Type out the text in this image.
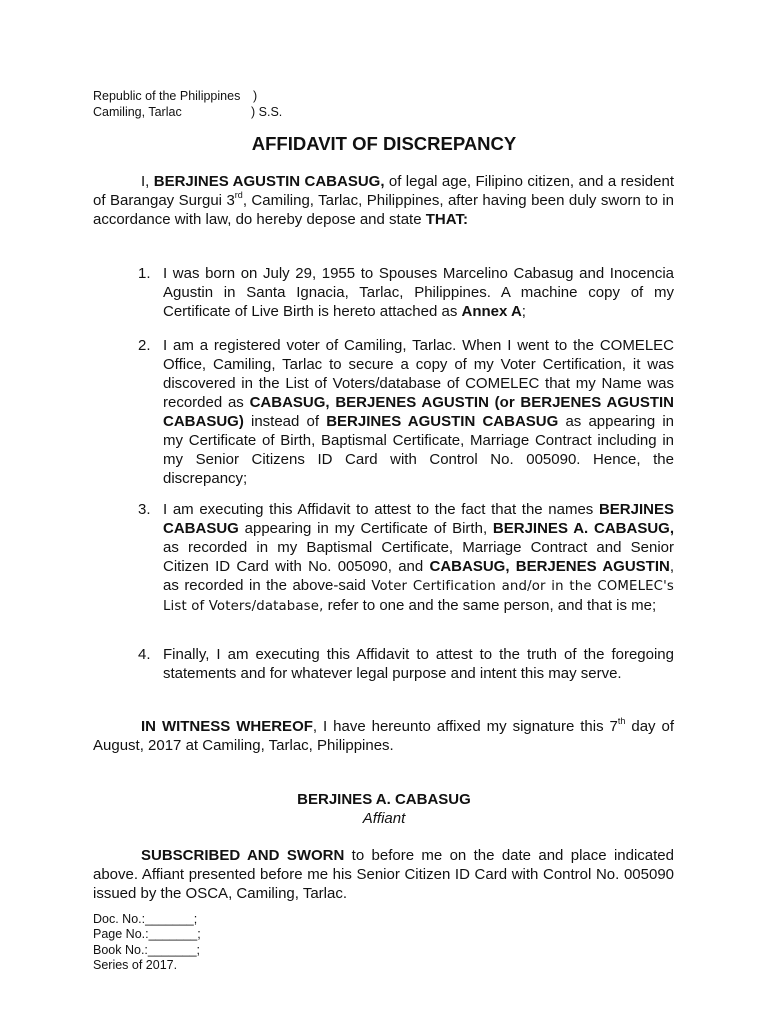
Republic of the Philippines )
Camiling, Tarlac	) S.S.
AFFIDAVIT OF DISCREPANCY
I, BERJINES AGUSTIN CABASUG, of legal age, Filipino citizen, and a resident of Barangay Surgui 3rd, Camiling, Tarlac, Philippines, after having been duly sworn to in accordance with law, do hereby depose and state THAT:
1. I was born on July 29, 1955 to Spouses Marcelino Cabasug and Inocencia Agustin in Santa Ignacia, Tarlac, Philippines. A machine copy of my Certificate of Live Birth is hereto attached as Annex A;
2. I am a registered voter of Camiling, Tarlac. When I went to the COMELEC Office, Camiling, Tarlac to secure a copy of my Voter Certification, it was discovered in the List of Voters/database of COMELEC that my Name was recorded as CABASUG, BERJENES AGUSTIN (or BERJENES AGUSTIN CABASUG) instead of BERJINES AGUSTIN CABASUG as appearing in my Certificate of Birth, Baptismal Certificate, Marriage Contract including in my Senior Citizens ID Card with Control No. 005090. Hence, the discrepancy;
3. I am executing this Affidavit to attest to the fact that the names BERJINES CABASUG appearing in my Certificate of Birth, BERJINES A. CABASUG, as recorded in my Baptismal Certificate, Marriage Contract and Senior Citizen ID Card with No. 005090, and CABASUG, BERJENES AGUSTIN, as recorded in the above-said Voter Certification and/or in the COMELEC's List of Voters/database, refer to one and the same person, and that is me;
4. Finally, I am executing this Affidavit to attest to the truth of the foregoing statements and for whatever legal purpose and intent this may serve.
IN WITNESS WHEREOF, I have hereunto affixed my signature this 7th day of August, 2017 at Camiling, Tarlac, Philippines.
BERJINES A. CABASUG
Affiant
SUBSCRIBED AND SWORN to before me on the date and place indicated above. Affiant presented before me his Senior Citizen ID Card with Control No. 005090 issued by the OSCA, Camiling, Tarlac.
Doc. No.:_______;
Page No.:_______;
Book No.:_______;
Series of 2017.
